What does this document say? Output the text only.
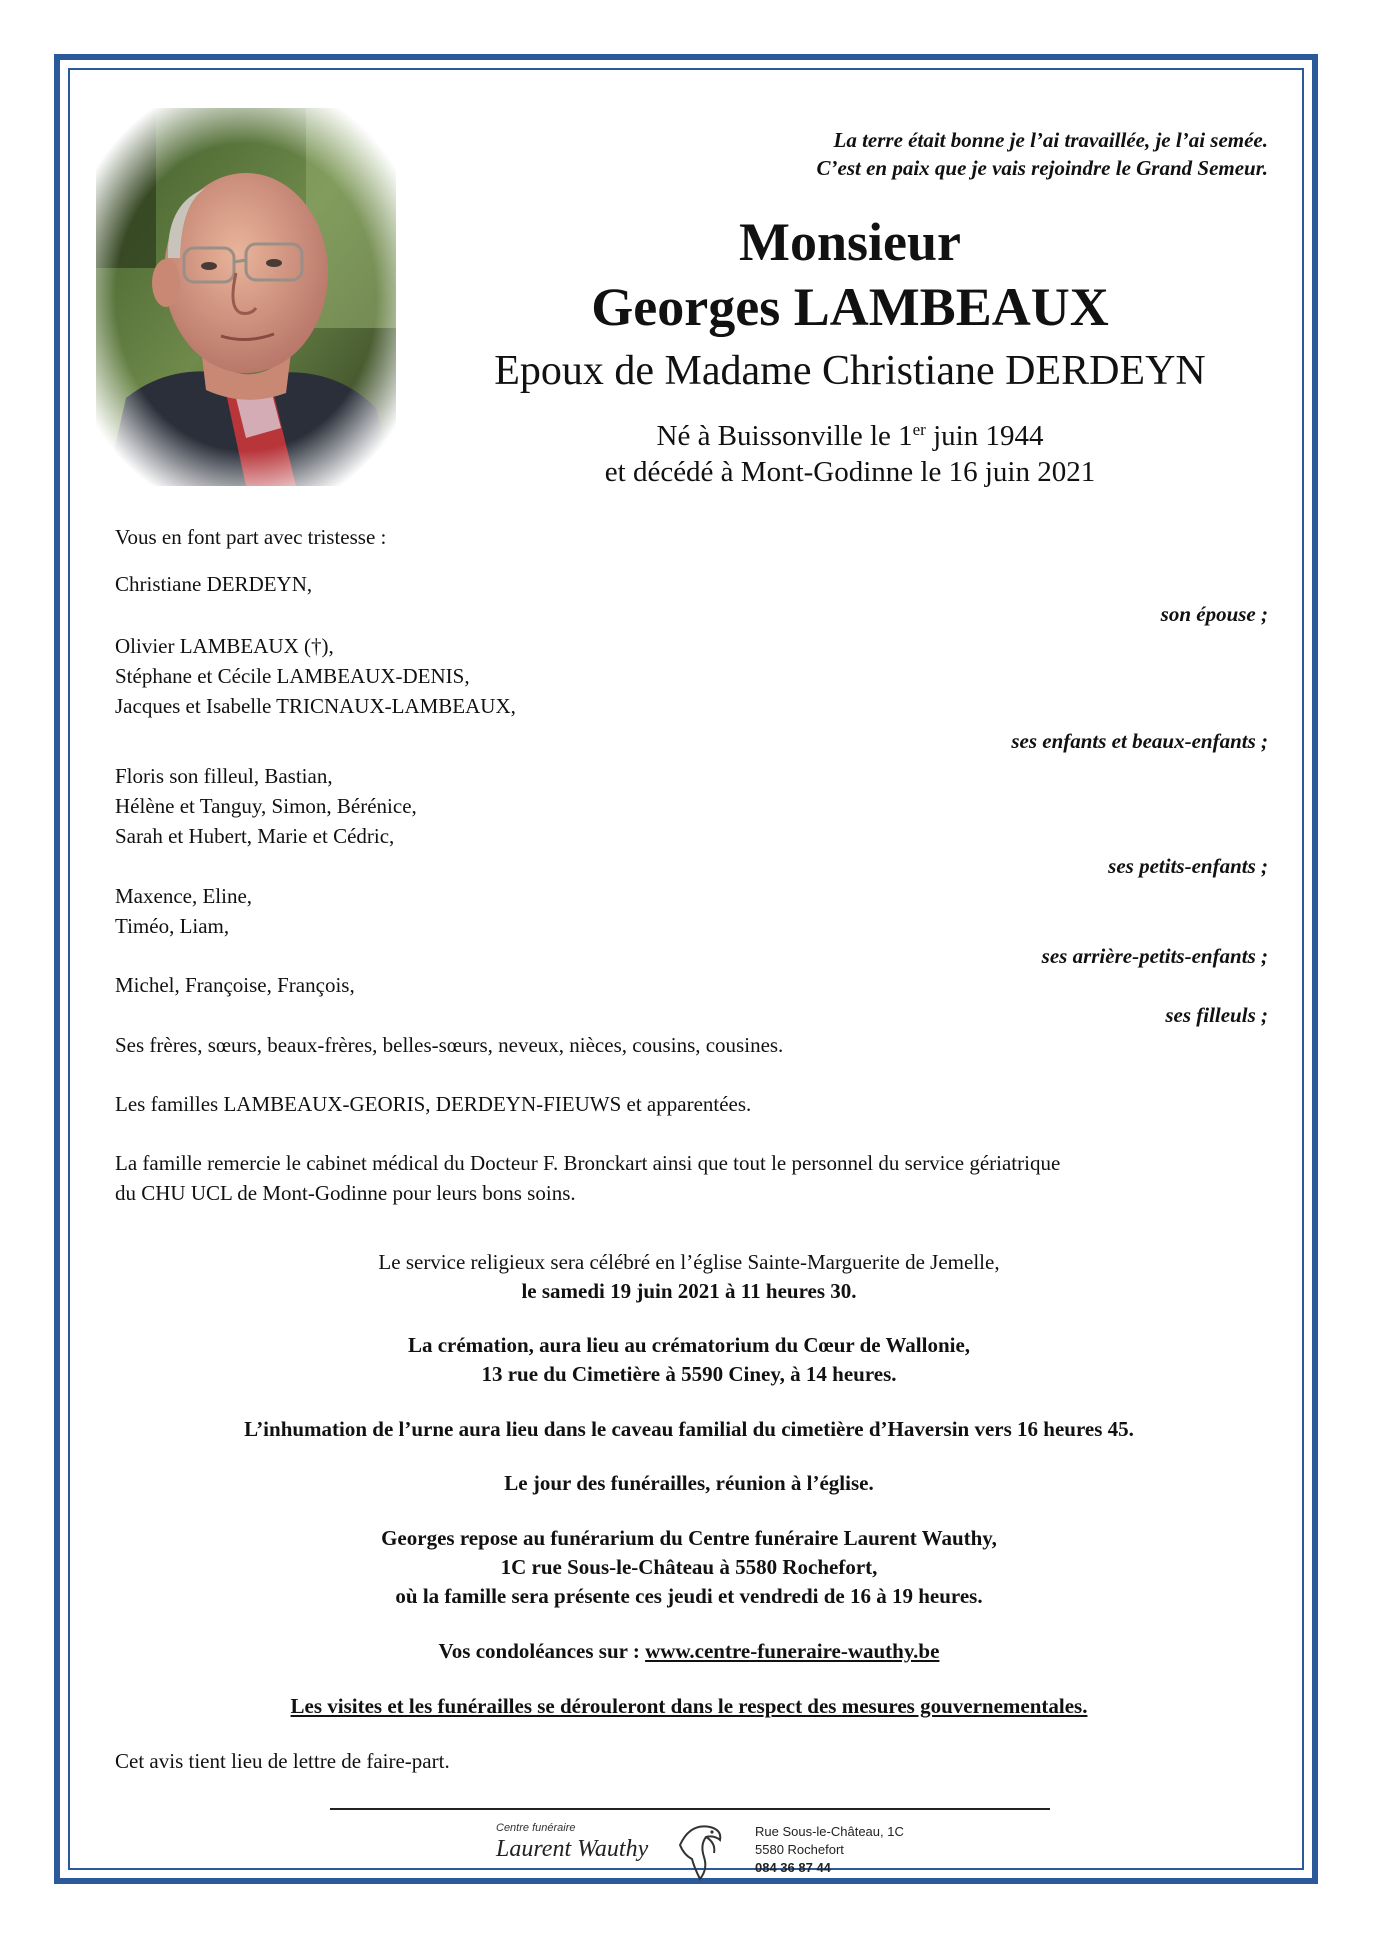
La terre était bonne je l’ai travaillée, je l’ai semée.
C’est en paix que je vais rejoindre le Grand Semeur.
Monsieur
Georges LAMBEAUX
Epoux de Madame Christiane DERDEYN
Né à Buissonville le 1er juin 1944
et décédé à Mont-Godinne le 16 juin 2021
Vous en font part avec tristesse :
Christiane DERDEYN,
son épouse ;
Olivier LAMBEAUX (†),
Stéphane et Cécile LAMBEAUX-DENIS,
Jacques et Isabelle TRICNAUX-LAMBEAUX,
ses enfants et beaux-enfants ;
Floris son filleul, Bastian,
Hélène et Tanguy, Simon, Bérénice,
Sarah et Hubert, Marie et Cédric,
ses petits-enfants ;
Maxence, Eline,
Timéo, Liam,
ses arrière-petits-enfants ;
Michel, Françoise, François,
ses filleuls ;
Ses frères, sœurs, beaux-frères, belles-sœurs, neveux, nièces, cousins, cousines.
Les familles LAMBEAUX-GEORIS, DERDEYN-FIEUWS et apparentées.
La famille remercie le cabinet médical du Docteur F. Bronckart ainsi que tout le personnel du service gériatrique
du CHU UCL de Mont-Godinne pour leurs bons soins.
Le service religieux sera célébré en l’église Sainte-Marguerite de Jemelle,
le samedi 19 juin 2021 à 11 heures 30.
La crémation, aura lieu au crématorium du Cœur de Wallonie,
13 rue du Cimetière à 5590 Ciney, à 14 heures.
L’inhumation de l’urne aura lieu dans le caveau familial du cimetière d’Haversin vers 16 heures 45.
Le jour des funérailles, réunion à l’église.
Georges repose au funérarium du Centre funéraire Laurent Wauthy,
1C rue Sous-le-Château à 5580 Rochefort,
où la famille sera présente ces jeudi et vendredi de 16 à 19 heures.
Vos condoléances sur : www.centre-funeraire-wauthy.be
Les visites et les funérailles se dérouleront dans le respect des mesures gouvernementales.
Cet avis tient lieu de lettre de faire-part.
Centre funéraire
Laurent Wauthy
Rue Sous-le-Château, 1C
5580 Rochefort
084 36 87 44
